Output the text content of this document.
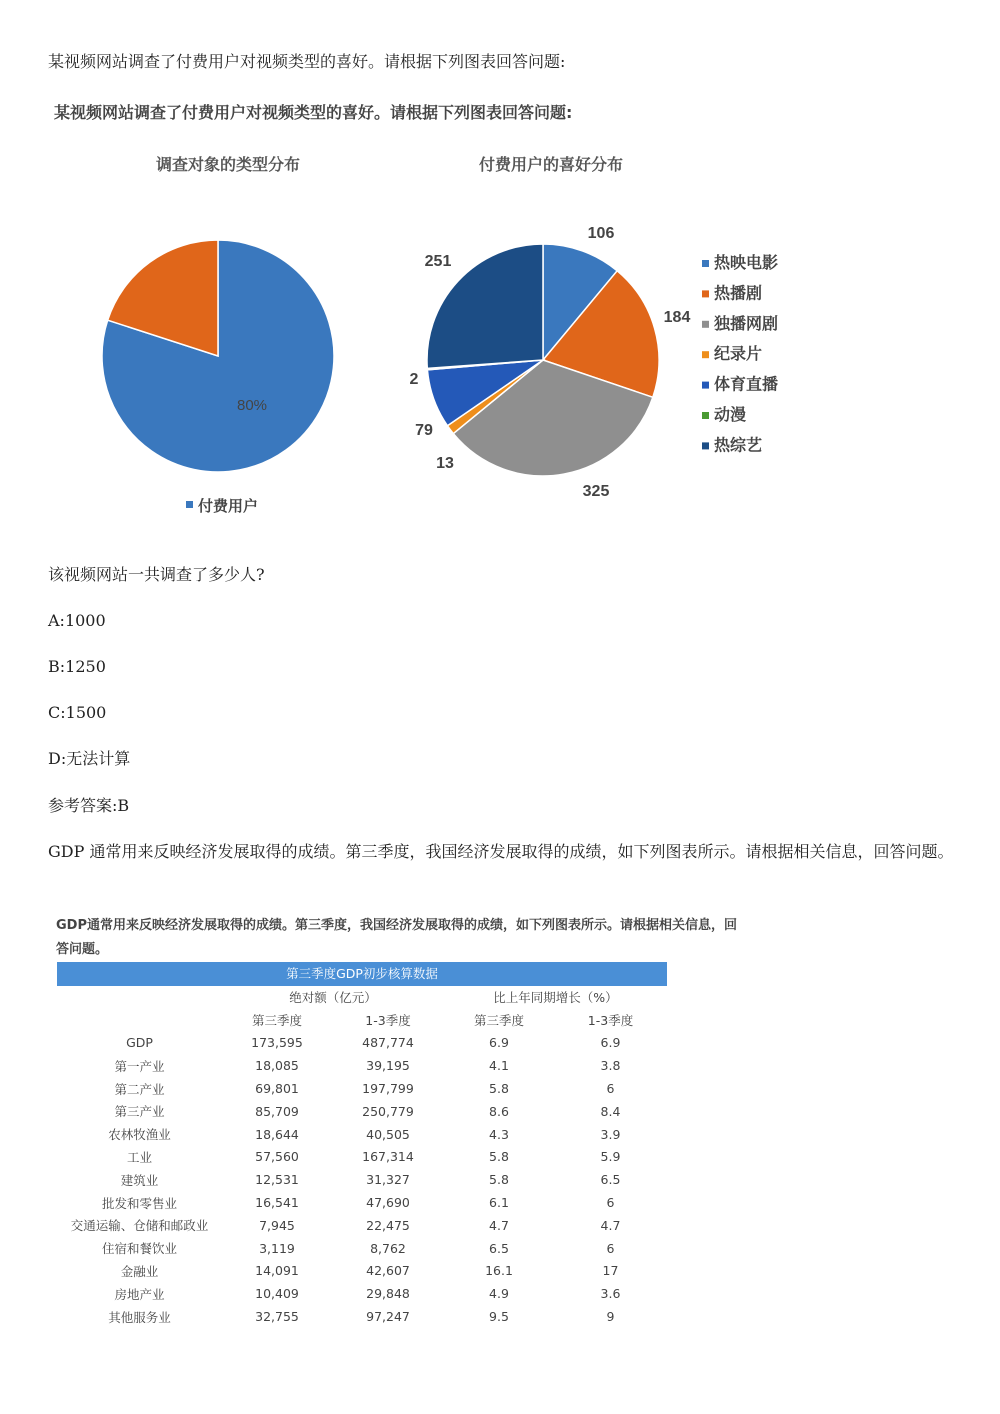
某视频网站调查了付费用户对视频类型的喜好。请根据下列图表回答问题:
某视频网站调查了付费用户对视频类型的喜好。请根据下列图表回答问题:
调查对象的类型分布	付费用户的喜好分布
80%
付费用户
106
184
325
13
79
2
251	热映电影
热播剧
独播网剧
纪录片
体育直播
动漫
热综艺
该视频网站一共调查了多少人?
A:1000
B:1250
C:1500
D:无法计算
参考答案:B
GDP 通常用来反映经济发展取得的成绩。第三季度，我国经济发展取得的成绩，如下列图表所示。请根据相关信息，回答问题。
GDP通常用来反映经济发展取得的成绩。第三季度，我国经济发展取得的成绩，如下列图表所示。请根据相关信息，回
答问题。
第三季度GDP初步核算数据
	绝对额（亿元）		比上年同期增长（%）	
	第三季度	1-3季度	第三季度	1-3季度
GDP	173,595	487,774	6.9	6.9
第一产业	18,085	39,195	4.1	3.8
第二产业	69,801	197,799	5.8	6
第三产业	85,709	250,779	8.6	8.4
农林牧渔业	18,644	40,505	4.3	3.9
工业	57,560	167,314	5.8	5.9
建筑业	12,531	31,327	5.8	6.5
批发和零售业	16,541	47,690	6.1	6
交通运输、仓储和邮政业	7,945	22,475	4.7	4.7
住宿和餐饮业	3,119	8,762	6.5	6
金融业	14,091	42,607	16.1	17
房地产业	10,409	29,848	4.9	3.6
其他服务业	32,755	97,247	9.5	9
